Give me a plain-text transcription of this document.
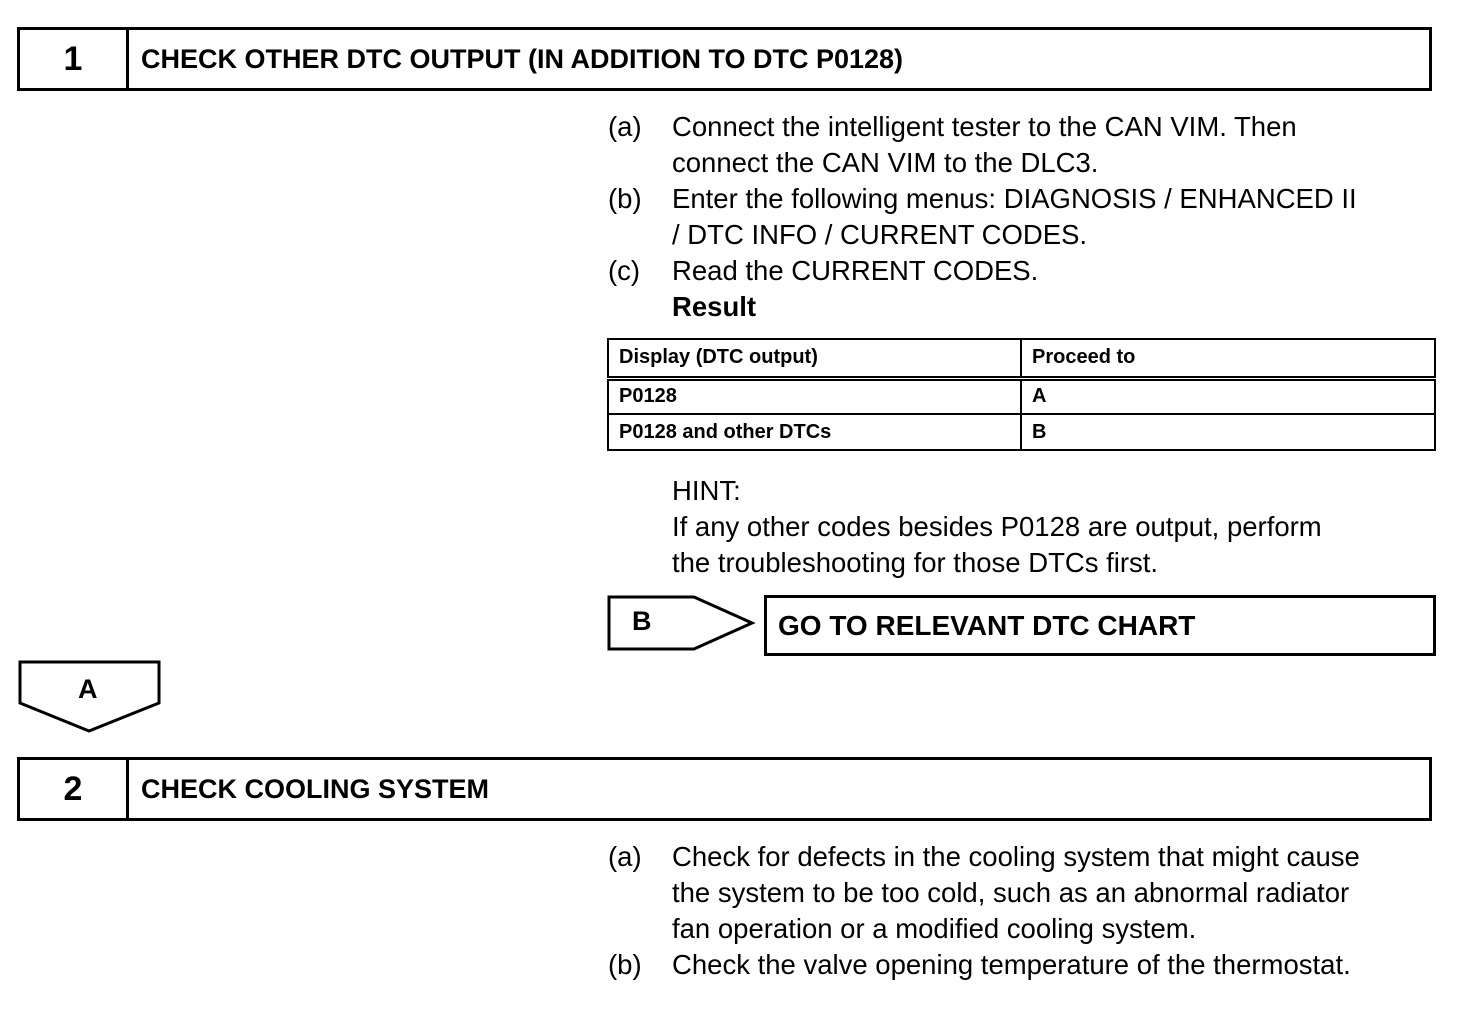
1	CHECK OTHER DTC OUTPUT (IN ADDITION TO DTC P0128)
(a)	Connect the intelligent tester to the CAN VIM. Then
connect the CAN VIM to the DLC3.
(b)	Enter the following menus: DIAGNOSIS / ENHANCED II
/ DTC INFO / CURRENT CODES.
(c)	Read the CURRENT CODES.
Result
Display (DTC output)	Proceed to
P0128	A
P0128 and other DTCs	B
HINT:
If any other codes besides P0128 are output, perform
the troubleshooting for those DTCs first.
B	GO TO RELEVANT DTC CHART
A
2	CHECK COOLING SYSTEM
(a)	Check for defects in the cooling system that might cause
the system to be too cold, such as an abnormal radiator
fan operation or a modified cooling system.
(b)	Check the valve opening temperature of the thermostat.
